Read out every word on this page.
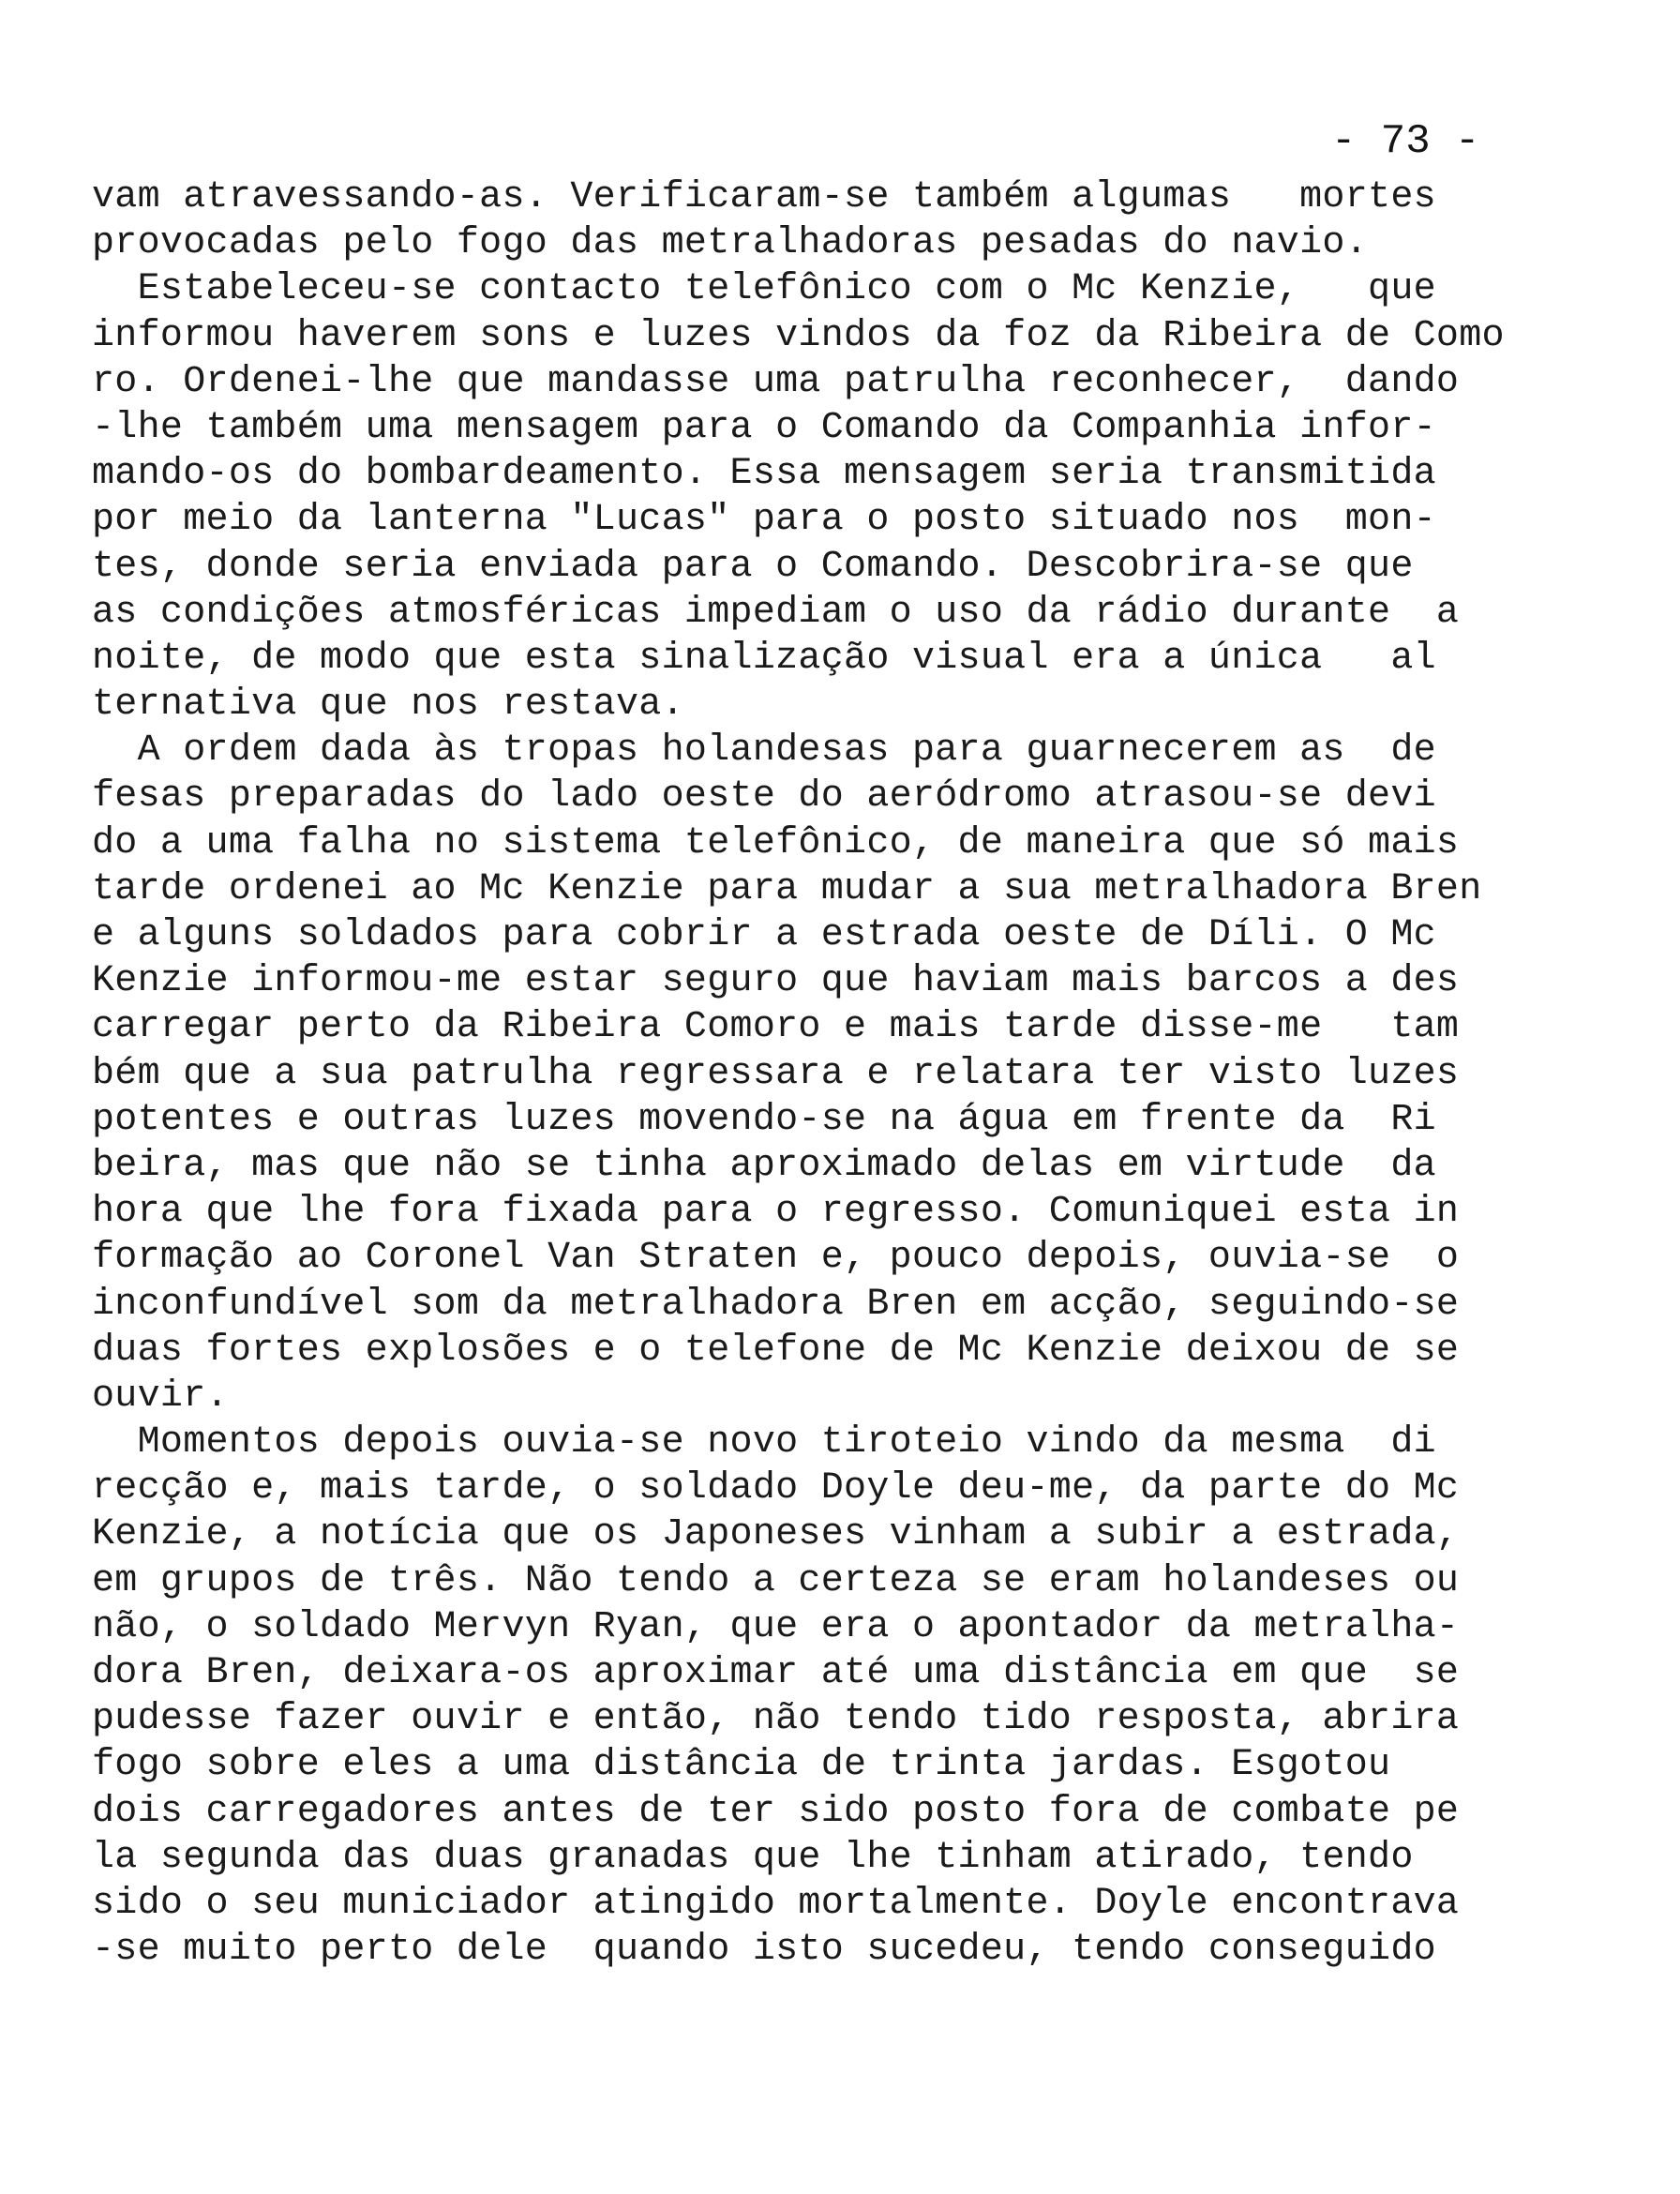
- 73 -
vam atravessando-as. Verificaram-se também algumas   mortes
provocadas pelo fogo das metralhadoras pesadas do navio.
Estabeleceu-se contacto telefônico com o Mc Kenzie,   que
informou haverem sons e luzes vindos da foz da Ribeira de Como
ro. Ordenei-lhe que mandasse uma patrulha reconhecer,  dando
-lhe também uma mensagem para o Comando da Companhia infor-
mando-os do bombardeamento. Essa mensagem seria transmitida
por meio da lanterna "Lucas" para o posto situado nos  mon-
tes, donde seria enviada para o Comando. Descobrira-se que
as condições atmosféricas impediam o uso da rádio durante  a
noite, de modo que esta sinalização visual era a única   al
ternativa que nos restava.
A ordem dada às tropas holandesas para guarnecerem as  de
fesas preparadas do lado oeste do aeródromo atrasou-se devi
do a uma falha no sistema telefônico, de maneira que só mais
tarde ordenei ao Mc Kenzie para mudar a sua metralhadora Bren
e alguns soldados para cobrir a estrada oeste de Díli. O Mc
Kenzie informou-me estar seguro que haviam mais barcos a des
carregar perto da Ribeira Comoro e mais tarde disse-me   tam
bém que a sua patrulha regressara e relatara ter visto luzes
potentes e outras luzes movendo-se na água em frente da  Ri
beira, mas que não se tinha aproximado delas em virtude  da
hora que lhe fora fixada para o regresso. Comuniquei esta in
formação ao Coronel Van Straten e, pouco depois, ouvia-se  o
inconfundível som da metralhadora Bren em acção, seguindo-se
duas fortes explosões e o telefone de Mc Kenzie deixou de se
ouvir.
Momentos depois ouvia-se novo tiroteio vindo da mesma  di
recção e, mais tarde, o soldado Doyle deu-me, da parte do Mc
Kenzie, a notícia que os Japoneses vinham a subir a estrada,
em grupos de três. Não tendo a certeza se eram holandeses ou
não, o soldado Mervyn Ryan, que era o apontador da metralha-
dora Bren, deixara-os aproximar até uma distância em que  se
pudesse fazer ouvir e então, não tendo tido resposta, abrira
fogo sobre eles a uma distância de trinta jardas. Esgotou
dois carregadores antes de ter sido posto fora de combate pe
la segunda das duas granadas que lhe tinham atirado, tendo
sido o seu municiador atingido mortalmente. Doyle encontrava
-se muito perto dele  quando isto sucedeu, tendo conseguido
